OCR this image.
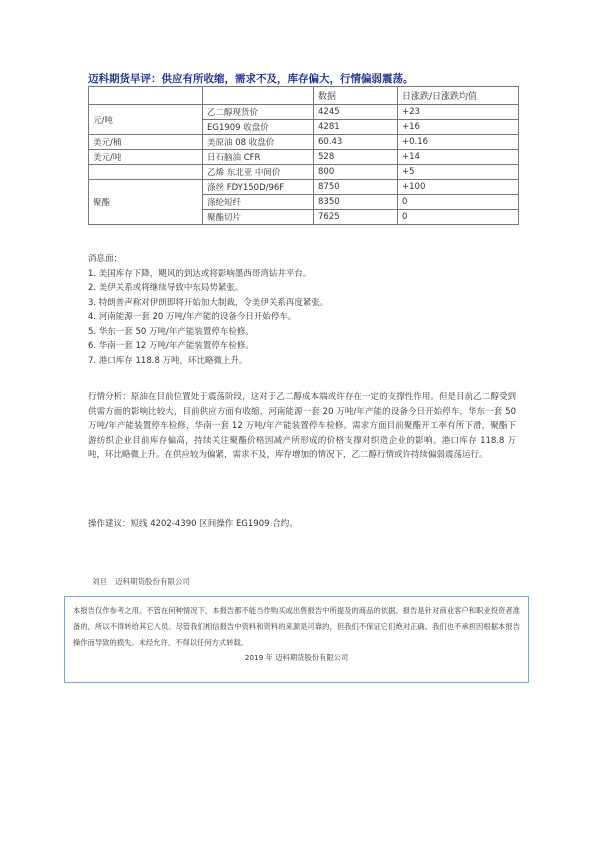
迈科期货早评：供应有所收缩，需求不及，库存偏大，行情偏弱震荡。
		数据	日涨跌/日涨跌均值
元/吨	乙二醇现货价	4245	+23
	EG1909 收盘价	4281	+16
美元/桶	美原油 08 收盘价	60.43	+0.16
美元/吨	日石脑油 CFR	528	+14
	乙烯 东北亚 中间价	800	+5
聚酯	涤丝 FDY150D/96F	8750	+100
	涤纶短纤	8350	0
	聚酯切片	7625	0
消息面：
1. 美国库存下降，飓风的到达或将影响墨西哥湾钻井平台。
2. 美伊关系或将继续导致中东局势紧张。
3. 特朗普声称对伊朗即将开始加大制裁，令美伊关系再度紧张。
4. 河南能源一套 20 万吨/年产能的设备今日开始停车。
5. 华东一套 50 万吨/年产能装置停车检修。
6. 华南一套 12 万吨/年产能装置停车检修。
7. 港口库存 118.8 万吨，环比略微上升。
行情分析：原油在目前位置处于震荡阶段，这对于乙二醇成本端或许存在一定的支撑性作用。但是目前乙二醇受到供需方面的影响比较大，目前供应方面有收缩，河南能源一套 20 万吨/年产能的设备今日开始停车，华东一套 50 万吨/年产能装置停车检修，华南一套 12 万吨/年产能装置停车检修。需求方面目前聚酯开工率有所下滑，聚酯下游纺织企业目前库存偏高，持续关注聚酯价格因减产所形成的价格支撑对织造企业的影响。港口库存 118.8 万吨，环比略微上升。在供应较为偏紧，需求不及，库存增加的情况下，乙二醇行情或许持续偏弱震荡运行。
操作建议：短线 4202-4390 区间操作 EG1909 合约。
刘旦 迈科期货股份有限公司
本报告仅作参考之用。不管在何种情况下，本报告都不能当作购买或出售报告中所提及的商品的依据。报告是针对商业客户和职业投资者准备的，所以不得转给其它人员。尽管我们相信报告中资料和资料的来源是可靠的，但我们不保证它们绝对正确。我们也不承担因根据本报告操作而导致的损失。未经允许，不得以任何方式转载。
2019 年 迈科期货股份有限公司
